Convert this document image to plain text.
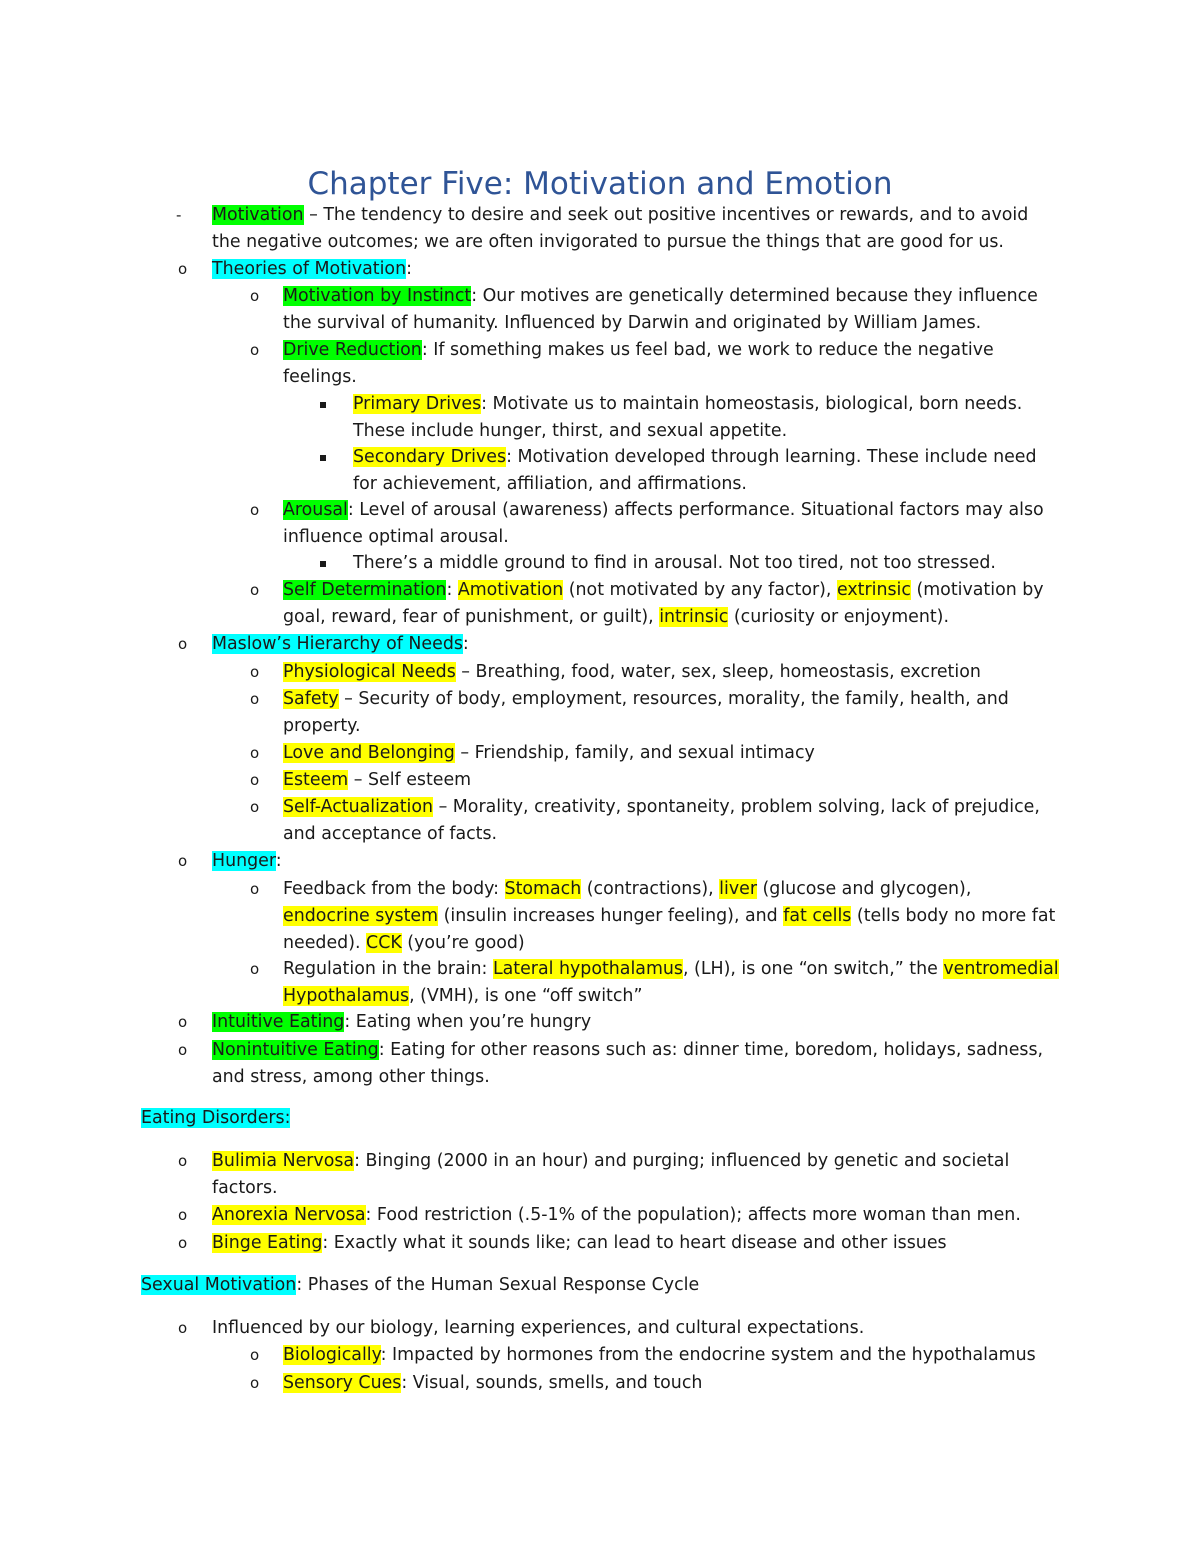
Chapter Five: Motivation and Emotion
- Motivation – The tendency to desire and seek out positive incentives or rewards, and to avoid
the negative outcomes; we are often invigorated to pursue the things that are good for us.
o Theories of Motivation:
o Motivation by Instinct: Our motives are genetically determined because they influence
the survival of humanity. Influenced by Darwin and originated by William James.
o Drive Reduction: If something makes us feel bad, we work to reduce the negative
feelings.
Primary Drives: Motivate us to maintain homeostasis, biological, born needs.
These include hunger, thirst, and sexual appetite.
Secondary Drives: Motivation developed through learning. These include need
for achievement, affiliation, and affirmations.
o Arousal: Level of arousal (awareness) affects performance. Situational factors may also
influence optimal arousal.
There’s a middle ground to find in arousal. Not too tired, not too stressed.
o Self Determination: Amotivation (not motivated by any factor), extrinsic (motivation by
goal, reward, fear of punishment, or guilt), intrinsic (curiosity or enjoyment).
o Maslow’s Hierarchy of Needs:
o Physiological Needs – Breathing, food, water, sex, sleep, homeostasis, excretion
o Safety – Security of body, employment, resources, morality, the family, health, and
property.
o Love and Belonging – Friendship, family, and sexual intimacy
o Esteem – Self esteem
o Self-Actualization – Morality, creativity, spontaneity, problem solving, lack of prejudice,
and acceptance of facts.
o Hunger:
o Feedback from the body: Stomach (contractions), liver (glucose and glycogen),
endocrine system (insulin increases hunger feeling), and fat cells (tells body no more fat
needed). CCK (you’re good)
o Regulation in the brain: Lateral hypothalamus, (LH), is one “on switch,” the ventromedial
Hypothalamus, (VMH), is one “off switch”
o Intuitive Eating: Eating when you’re hungry
o Nonintuitive Eating: Eating for other reasons such as: dinner time, boredom, holidays, sadness,
and stress, among other things.
Eating Disorders:
o Bulimia Nervosa: Binging (2000 in an hour) and purging; influenced by genetic and societal
factors.
o Anorexia Nervosa: Food restriction (.5-1% of the population); affects more woman than men.
o Binge Eating: Exactly what it sounds like; can lead to heart disease and other issues
Sexual Motivation: Phases of the Human Sexual Response Cycle
o Influenced by our biology, learning experiences, and cultural expectations.
o Biologically: Impacted by hormones from the endocrine system and the hypothalamus
o Sensory Cues: Visual, sounds, smells, and touch
